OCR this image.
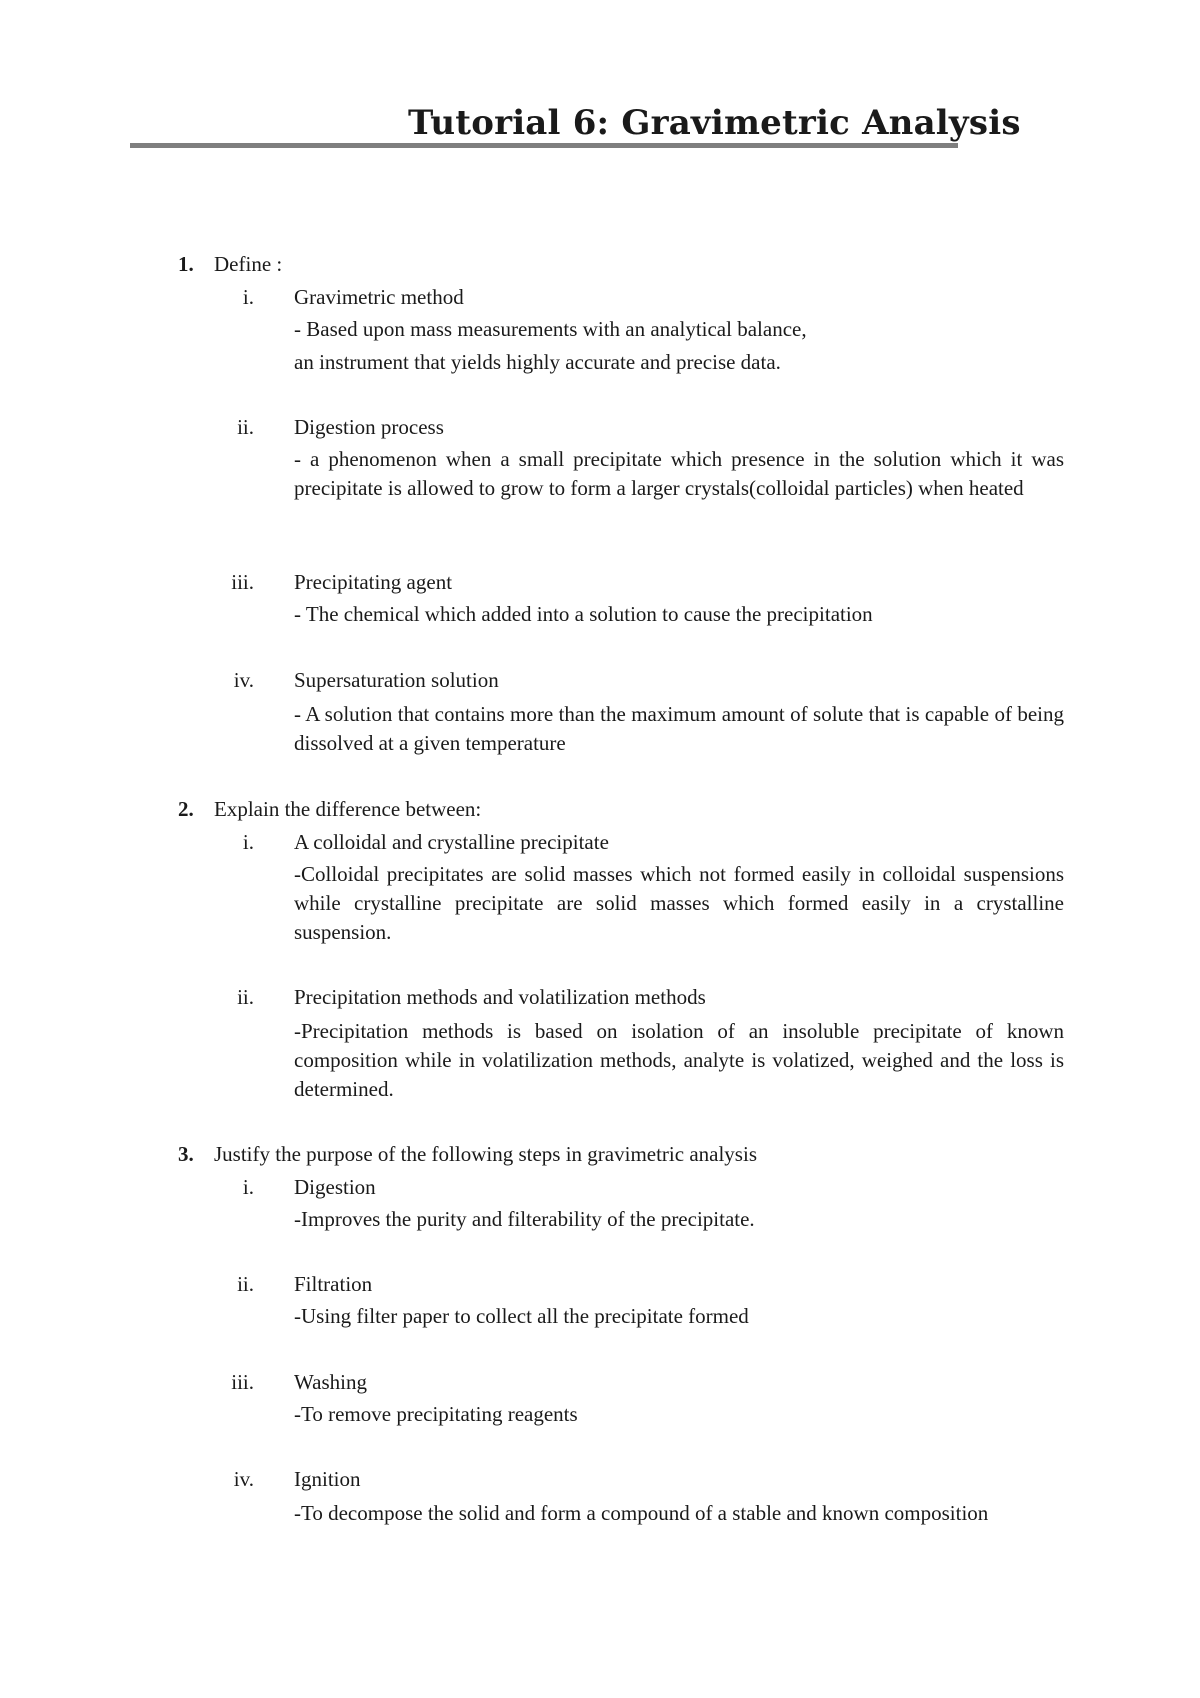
Tutorial 6: Gravimetric Analysis
1. Define :
i. Gravimetric method
- Based upon mass measurements with an analytical balance,
an instrument that yields highly accurate and precise data.
ii. Digestion process
- a phenomenon when a small precipitate which presence in the solution which it was precipitate is allowed to grow to form a larger crystals(colloidal particles) when heated
iii. Precipitating agent
- The chemical which added into a solution to cause the precipitation
iv. Supersaturation solution
- A solution that contains more than the maximum amount of solute that is capable of being dissolved at a given temperature
2. Explain the difference between:
i. A colloidal and crystalline precipitate
-Colloidal precipitates are solid masses which not formed easily in colloidal suspensions while crystalline precipitate are solid masses which formed easily in a crystalline suspension.
ii. Precipitation methods and volatilization methods
-Precipitation methods is based on isolation of an insoluble precipitate of known composition while in volatilization methods, analyte is volatized, weighed and the loss is determined.
3. Justify the purpose of the following steps in gravimetric analysis
i. Digestion
-Improves the purity and filterability of the precipitate.
ii. Filtration
-Using filter paper to collect all the precipitate formed
iii. Washing
-To remove precipitating reagents
iv. Ignition
-To decompose the solid and form a compound of a stable and known composition
